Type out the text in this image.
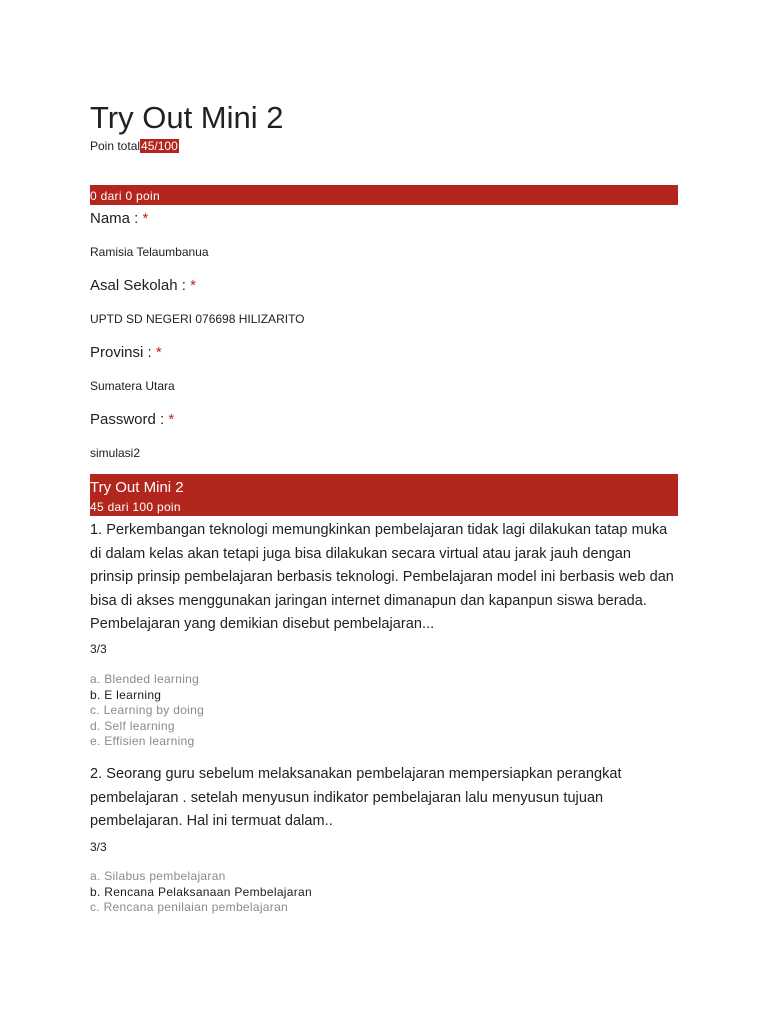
Try Out Mini 2
Poin total45/100
0 dari 0 poin
Nama : *
Ramisia Telaumbanua
Asal Sekolah : *
UPTD SD NEGERI 076698 HILIZARITO
Provinsi : *
Sumatera Utara
Password : *
simulasi2
Try Out Mini 2
45 dari 100 poin
1. Perkembangan teknologi memungkinkan pembelajaran tidak lagi dilakukan tatap muka di dalam kelas akan tetapi juga bisa dilakukan secara virtual atau jarak jauh dengan prinsip prinsip pembelajaran berbasis teknologi. Pembelajaran model ini berbasis web dan bisa di akses menggunakan jaringan internet dimanapun dan kapanpun siswa berada. Pembelajaran yang demikian disebut pembelajaran...
3/3
a. Blended learning
b. E learning
c. Learning by doing
d. Self learning
e. Effisien learning
2. Seorang guru sebelum melaksanakan pembelajaran mempersiapkan perangkat pembelajaran . setelah menyusun indikator pembelajaran lalu menyusun tujuan pembelajaran. Hal ini termuat dalam..
3/3
a. Silabus pembelajaran
b. Rencana Pelaksanaan Pembelajaran
c. Rencana penilaian pembelajaran
